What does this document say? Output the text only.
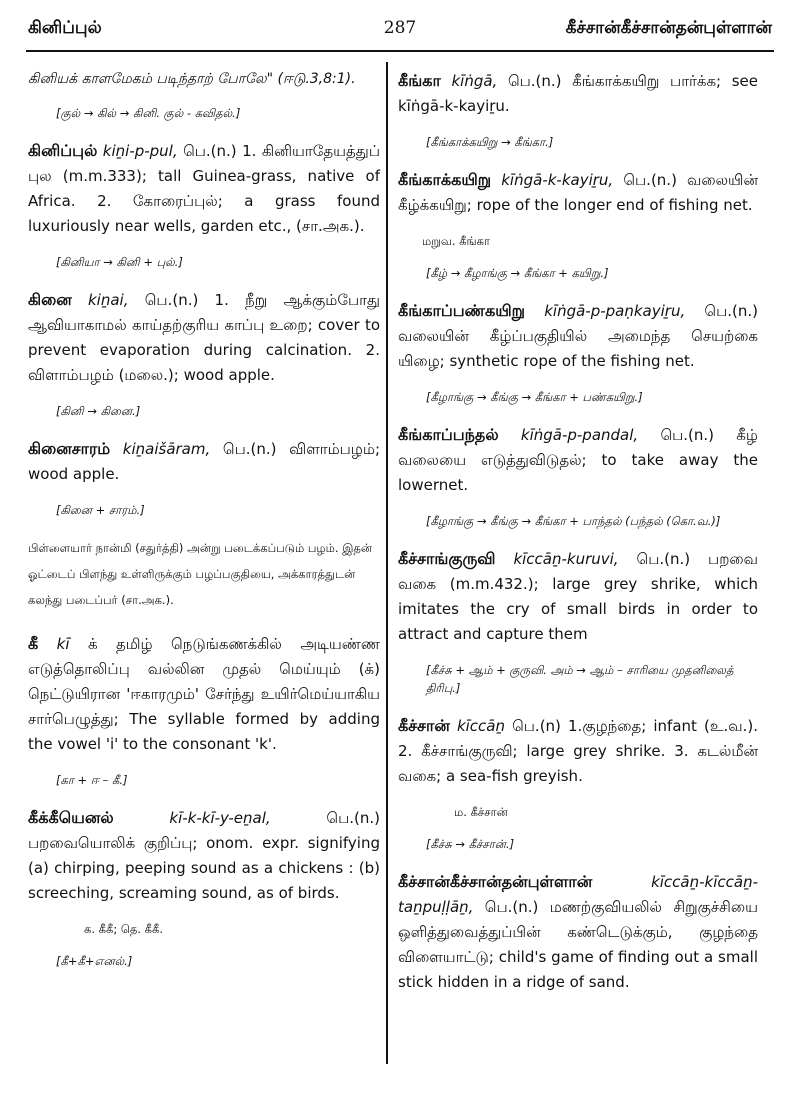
கினிப்புல்	287	கீச்சான்கீச்சான்தன்புள்ளான்

கினியக் காளமேகம் படிந்தாற் போலே" (ஈடு.3,8:1).

[குல் → கில் → கினி. குல் - கவிதல்.]

கினிப்புல் kiṉi-p-pul, பெ.(n.) 1. கினியாதேயத்துப் புல (m.m.333); tall Guinea-grass, native of Africa. 2. கோரைப்புல்; a grass found luxuriously near wells, garden etc., (சா.அக.).

[கினியா → கினி + புல்.]

கினை kiṉai, பெ.(n.) 1. நீறு ஆக்கும்போது ஆவியாகாமல் காய்தற்குரிய காப்பு உறை; cover to prevent evaporation during calcination. 2. விளாம்பழம் (மலை.); wood apple.

[கினி → கினை.]

கினைசாரம் kiṉaišāram, பெ.(n.) விளாம்பழம்; wood apple.

[கினை + சாரம்.]

பிள்ளையார் நான்மி (சதுர்த்தி) அன்று படைக்கப்படும் பழம். இதன் ஓட்டைப் பிளந்து உள்ளிருக்கும் பழப்பகுதியை, அக்காரத்துடன் கலந்து படைப்பர் (சா.அக.).

கீ kī க் தமிழ் நெடுங்கணக்கில் அடியண்ண எடுத்தொலிப்பு வல்லின முதல் மெய்யும் (க்) நெட்டுயிரான 'ஈகாரமும்' சேர்ந்து உயிர்மெய்யாகிய சார்பெழுத்து; The syllable formed by adding the vowel 'i' to the consonant 'k'.

[கா + ஈ – கீ.]

கீக்கீயெனல்	kī-k-kī-y-eṉal,	பெ.(n.) பறவையொலிக் குறிப்பு; onom. expr. signifying (a) chirping, peeping sound as a chickens : (b) screeching, screaming sound, as of birds.

க. கீகீ; தெ. கீகீ.

[கீ+கீ+எனல்.]

கீங்கா kīṅgā, பெ.(n.) கீங்காக்கயிறு பார்க்க; see kīṅgā-k-kayiṟu.

[கீங்காக்கயிறு → கீங்கா.]

கீங்காக்கயிறு kīṅgā-k-kayiṟu, பெ.(n.) வலையின் கீழ்க்கயிறு; rope of the longer end of fishing net.

மறுவ. கீங்கா

[கீழ் → கீழாங்கு → கீங்கா + கயிறு.]

கீங்காப்பண்கயிறு kīṅgā-p-paṇkayiṟu, பெ.(n.) வலையின் கீழ்ப்பகுதியில் அமைந்த செயற்கை யிழை; synthetic rope of the fishing net.

[கீழாங்கு → கீங்கு → கீங்கா + பண்கயிறு.]

கீங்காப்பந்தல் kīṅgā-p-pandal, பெ.(n.) கீழ் வலையை எடுத்துவிடுதல்; to take away the lowernet.

[கீழாங்கு → கீங்கு → கீங்கா + பாந்தல் (பந்தல் (கொ.வ.)]

கீச்சாங்குருவி kīccāṉ-kuruvi, பெ.(n.) பறவை வகை (m.m.432.); large grey shrike, which imitates the cry of small birds in order to attract and capture them

[கீச்சு + ஆம் + குருவி. அம் → ஆம் – சாரியை முதனிலைத் திரிபு.]

கீச்சான் kīccāṉ பெ.(n) 1.குழந்தை; infant (உ.வ.). 2. கீச்சாங்குருவி; large grey shrike. 3. கடல்மீன் வகை; a sea-fish greyish.

ம. கீச்சான்

[கீச்சு → கீச்சான்.]

கீச்சான்கீச்சான்தன்புள்ளான்	kīccāṉ-kīccāṉ-taṉpuḷḷāṉ, பெ.(n.) மணற்குவியலில் சிறுகுச்சியை ஒளித்துவைத்துப்பின் கண்டெடுக்கும், குழந்தை விளையாட்டு; child's game of finding out a small stick hidden in a ridge of sand.
